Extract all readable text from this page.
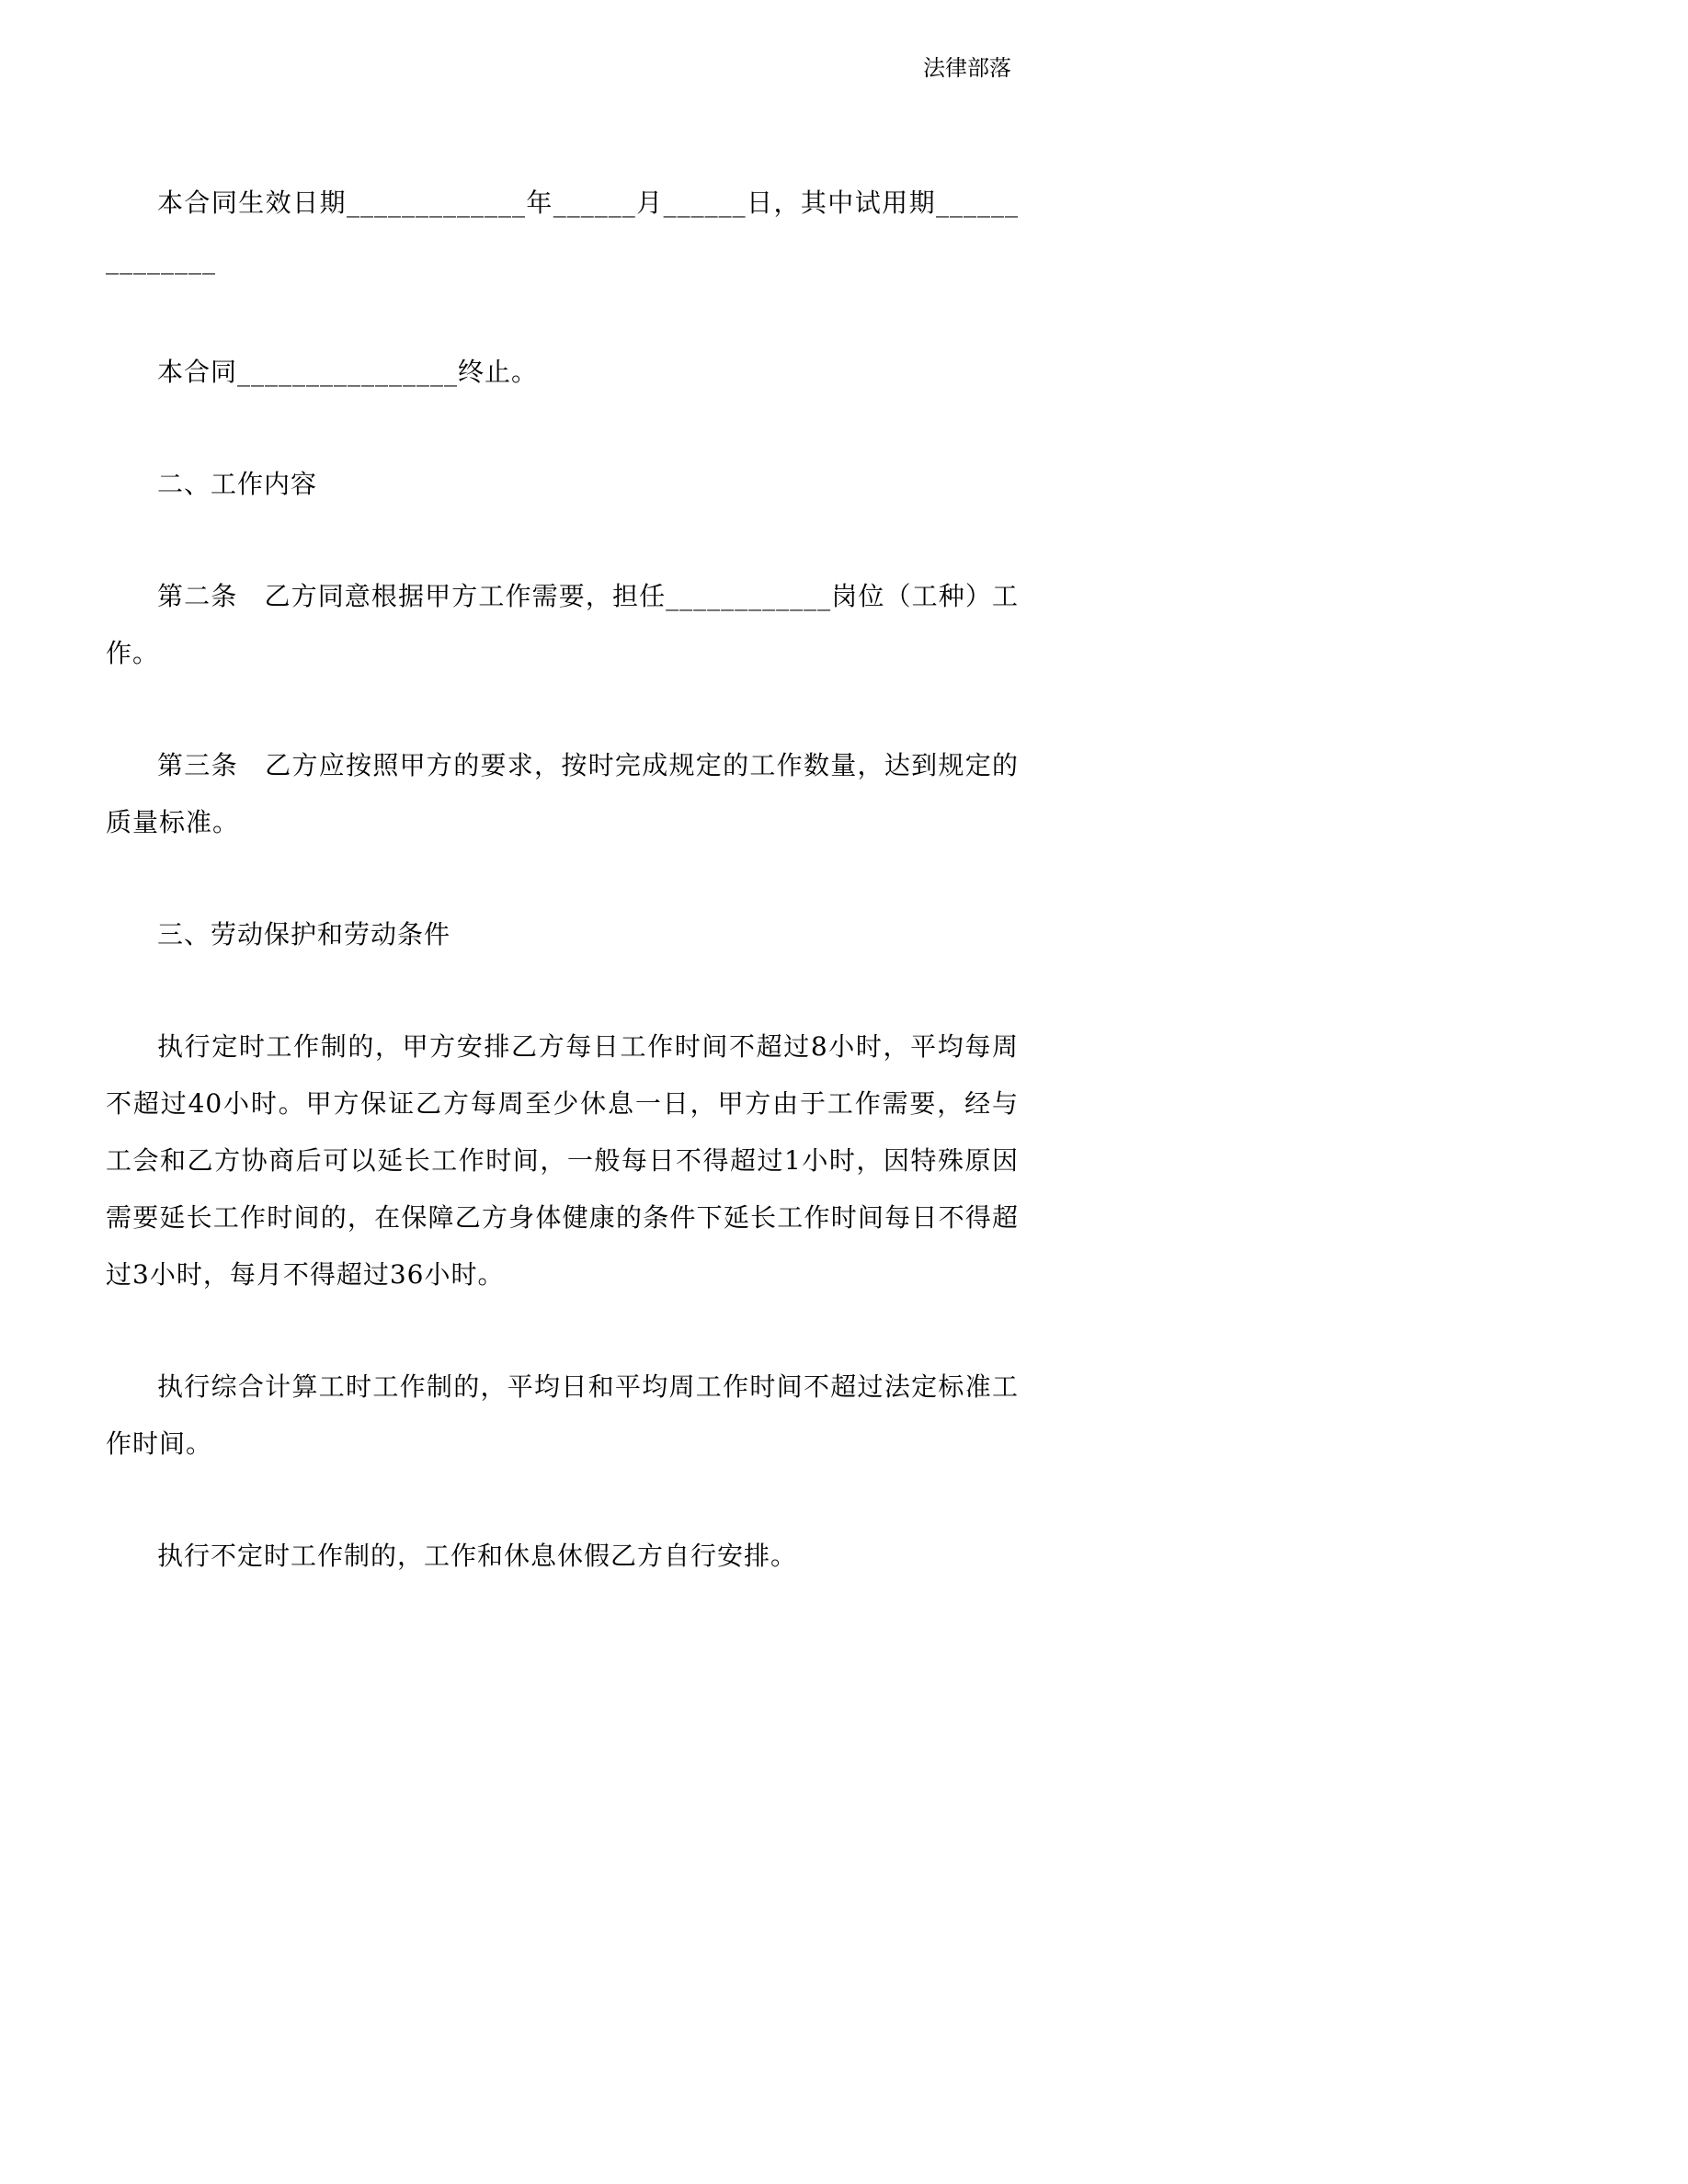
法律部落
本合同生效日期_____________年______月______日，其中试用期______________
本合同________________终止。
二、工作内容
第二条　乙方同意根据甲方工作需要，担任____________岗位（工种）工作。
第三条　乙方应按照甲方的要求，按时完成规定的工作数量，达到规定的质量标准。
三、劳动保护和劳动条件
执行定时工作制的，甲方安排乙方每日工作时间不超过8小时，平均每周不超过40小时。甲方保证乙方每周至少休息一日，甲方由于工作需要，经与工会和乙方协商后可以延长工作时间，一般每日不得超过1小时，因特殊原因需要延长工作时间的，在保障乙方身体健康的条件下延长工作时间每日不得超过3小时，每月不得超过36小时。
执行综合计算工时工作制的，平均日和平均周工作时间不超过法定标准工作时间。
执行不定时工作制的，工作和休息休假乙方自行安排。
